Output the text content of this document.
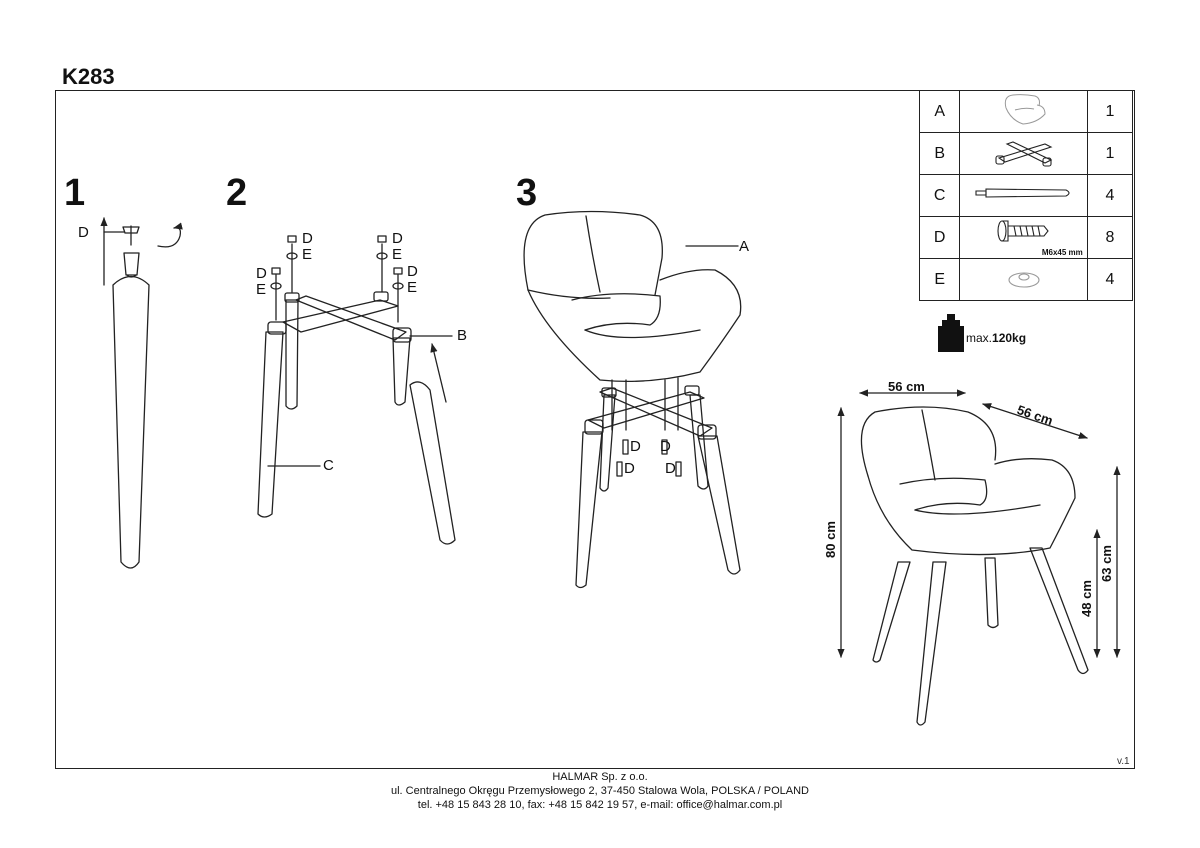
K283
1	2	3
D	D
E
D
E
D
E
D
E
B
C
A
D D
D D
A		1
B		1
C		4
D	M6x45 mm	8
E		4
max.120kg
56 cm
56 cm
80 cm
48 cm
63 cm
v.1
HALMAR Sp. z o.o.
ul. Centralnego Okręgu Przemysłowego 2, 37-450 Stalowa Wola, POLSKA / POLAND
tel. +48 15 843 28 10, fax: +48 15 842 19 57, e-mail: office@halmar.com.pl
